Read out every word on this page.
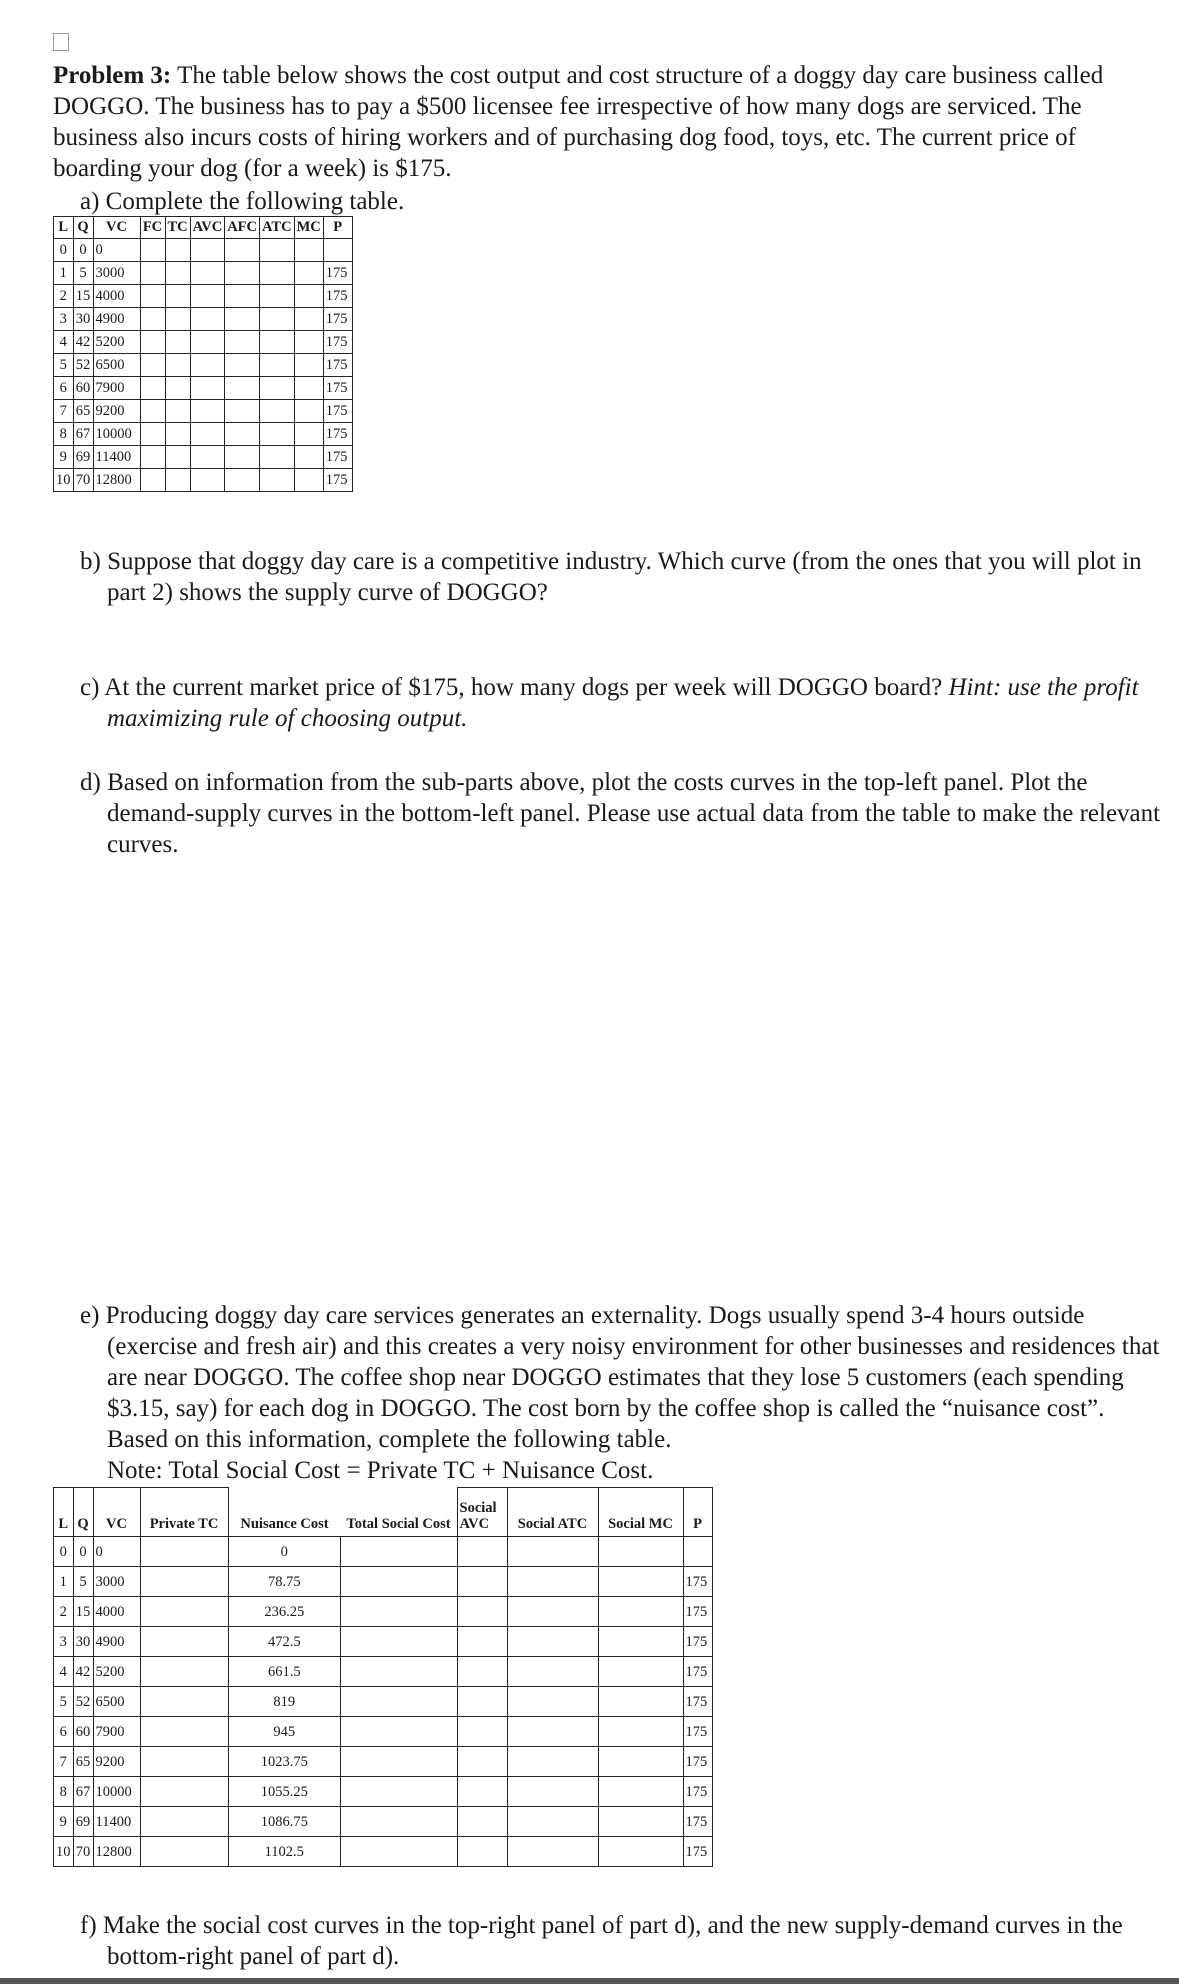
Problem 3: The table below shows the cost output and cost structure of a doggy day care business called DOGGO. The business has to pay a $500 licensee fee irrespective of how many dogs are serviced. The business also incurs costs of hiring workers and of purchasing dog food, toys, etc. The current price of boarding your dog (for a week) is $175.

a) Complete the following table.

L	Q	VC	FC	TC	AVC	AFC	ATC	MC	P
0	0	0							
1	5	3000							175
2	15	4000							175
3	30	4900							175
4	42	5200							175
5	52	6500							175
6	60	7900							175
7	65	9200							175
8	67	10000							175
9	69	11400							175
10	70	12800							175

b) Suppose that doggy day care is a competitive industry. Which curve (from the ones that you will plot in part 2) shows the supply curve of DOGGO?

c) At the current market price of $175, how many dogs per week will DOGGO board? Hint: use the profit maximizing rule of choosing output.

d) Based on information from the sub-parts above, plot the costs curves in the top-left panel. Plot the demand-supply curves in the bottom-left panel. Please use actual data from the table to make the relevant curves.

e) Producing doggy day care services generates an externality. Dogs usually spend 3-4 hours outside (exercise and fresh air) and this creates a very noisy environment for other businesses and residences that are near DOGGO. The coffee shop near DOGGO estimates that they lose 5 customers (each spending $3.15, say) for each dog in DOGGO. The cost born by the coffee shop is called the “nuisance cost”. Based on this information, complete the following table.
Note: Total Social Cost = Private TC + Nuisance Cost.

L	Q	VC	Private TC	Nuisance Cost	Total Social Cost	Social AVC	Social ATC	Social MC	P
0	0	0		0					
1	5	3000		78.75					175
2	15	4000		236.25					175
3	30	4900		472.5					175
4	42	5200		661.5					175
5	52	6500		819					175
6	60	7900		945					175
7	65	9200		1023.75					175
8	67	10000		1055.25					175
9	69	11400		1086.75					175
10	70	12800		1102.5					175

f) Make the social cost curves in the top-right panel of part d), and the new supply-demand curves in the bottom-right panel of part d).
